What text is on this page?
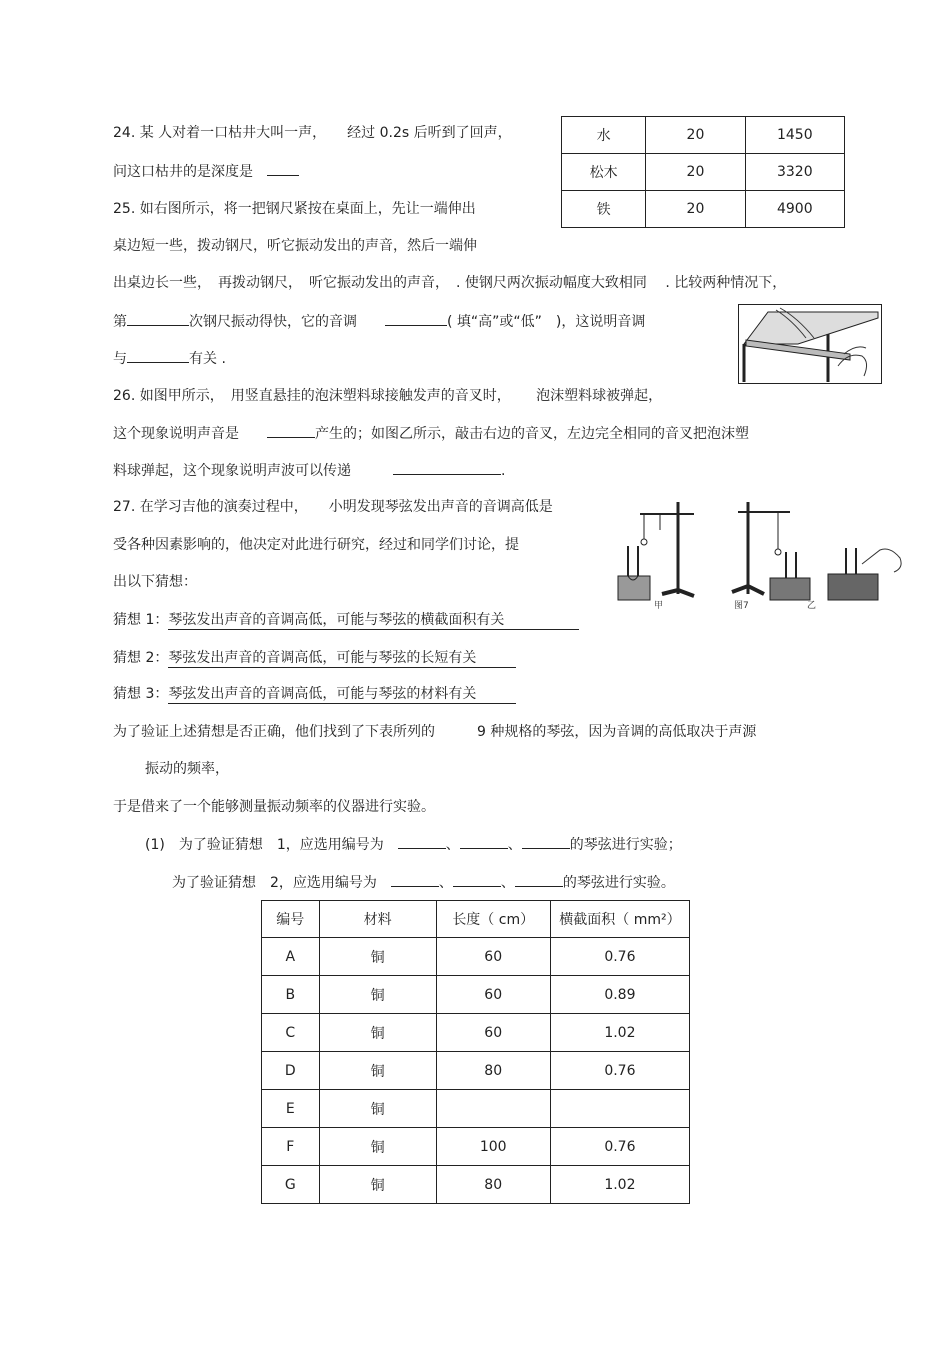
24. 某 人对着一口枯井大叫一声，　　经过 0.2s 后听到了回声，
问这口枯井的是深度是　
水	20	1450
松木	20	3320
铁	20	4900
25. 如右图所示，将一把钢尺紧按在桌面上，先让一端伸出
桌边短一些，拨动钢尺，听它振动发出的声音，然后一端伸
出桌边长一些，　再拨动钢尺，　听它振动发出的声音，　. 使钢尺两次振动幅度大致相同　 . 比较两种情况下，
第	次钢尺振动得快，它的音调　　	( 填“高”或“低”　)，这说明音调
与	有关 .
26. 如图甲所示，　用竖直悬挂的泡沫塑料球接触发声的音叉时，　　 泡沫塑料球被弹起，
这个现象说明声音是　　	产生的；如图乙所示，敲击右边的音叉，左边完全相同的音叉把泡沫塑
料球弹起，这个现象说明声波可以传递　　　	.
27. 在学习吉他的演奏过程中，　　小明发现琴弦发出声音的音调高低是
受各种因素影响的，他决定对此进行研究，经过和同学们讨论，提
出以下猜想：
猜想 1：琴弦发出声音的音调高低，可能与琴弦的横截面积有关
猜想 2：琴弦发出声音的音调高低，可能与琴弦的长短有关
猜想 3：琴弦发出声音的音调高低，可能与琴弦的材料有关
甲	图7	乙
为了验证上述猜想是否正确，他们找到了下表所列的　　　9 种规格的琴弦，因为音调的高低取决于声源
振动的频率，
于是借来了一个能够测量振动频率的仪器进行实验。
(1)　为了验证猜想　1，应选用编号为　	、	、	的琴弦进行实验；
为了验证猜想　2，应选用编号为　	、	、	的琴弦进行实验。
编号	材料	长度（ cm）	横截面积（ mm²）
A	铜	60	0.76
B	铜	60	0.89
C	铜	60	1.02
D	铜	80	0.76
E	铜		
F	铜	100	0.76
G	铜	80	1.02
